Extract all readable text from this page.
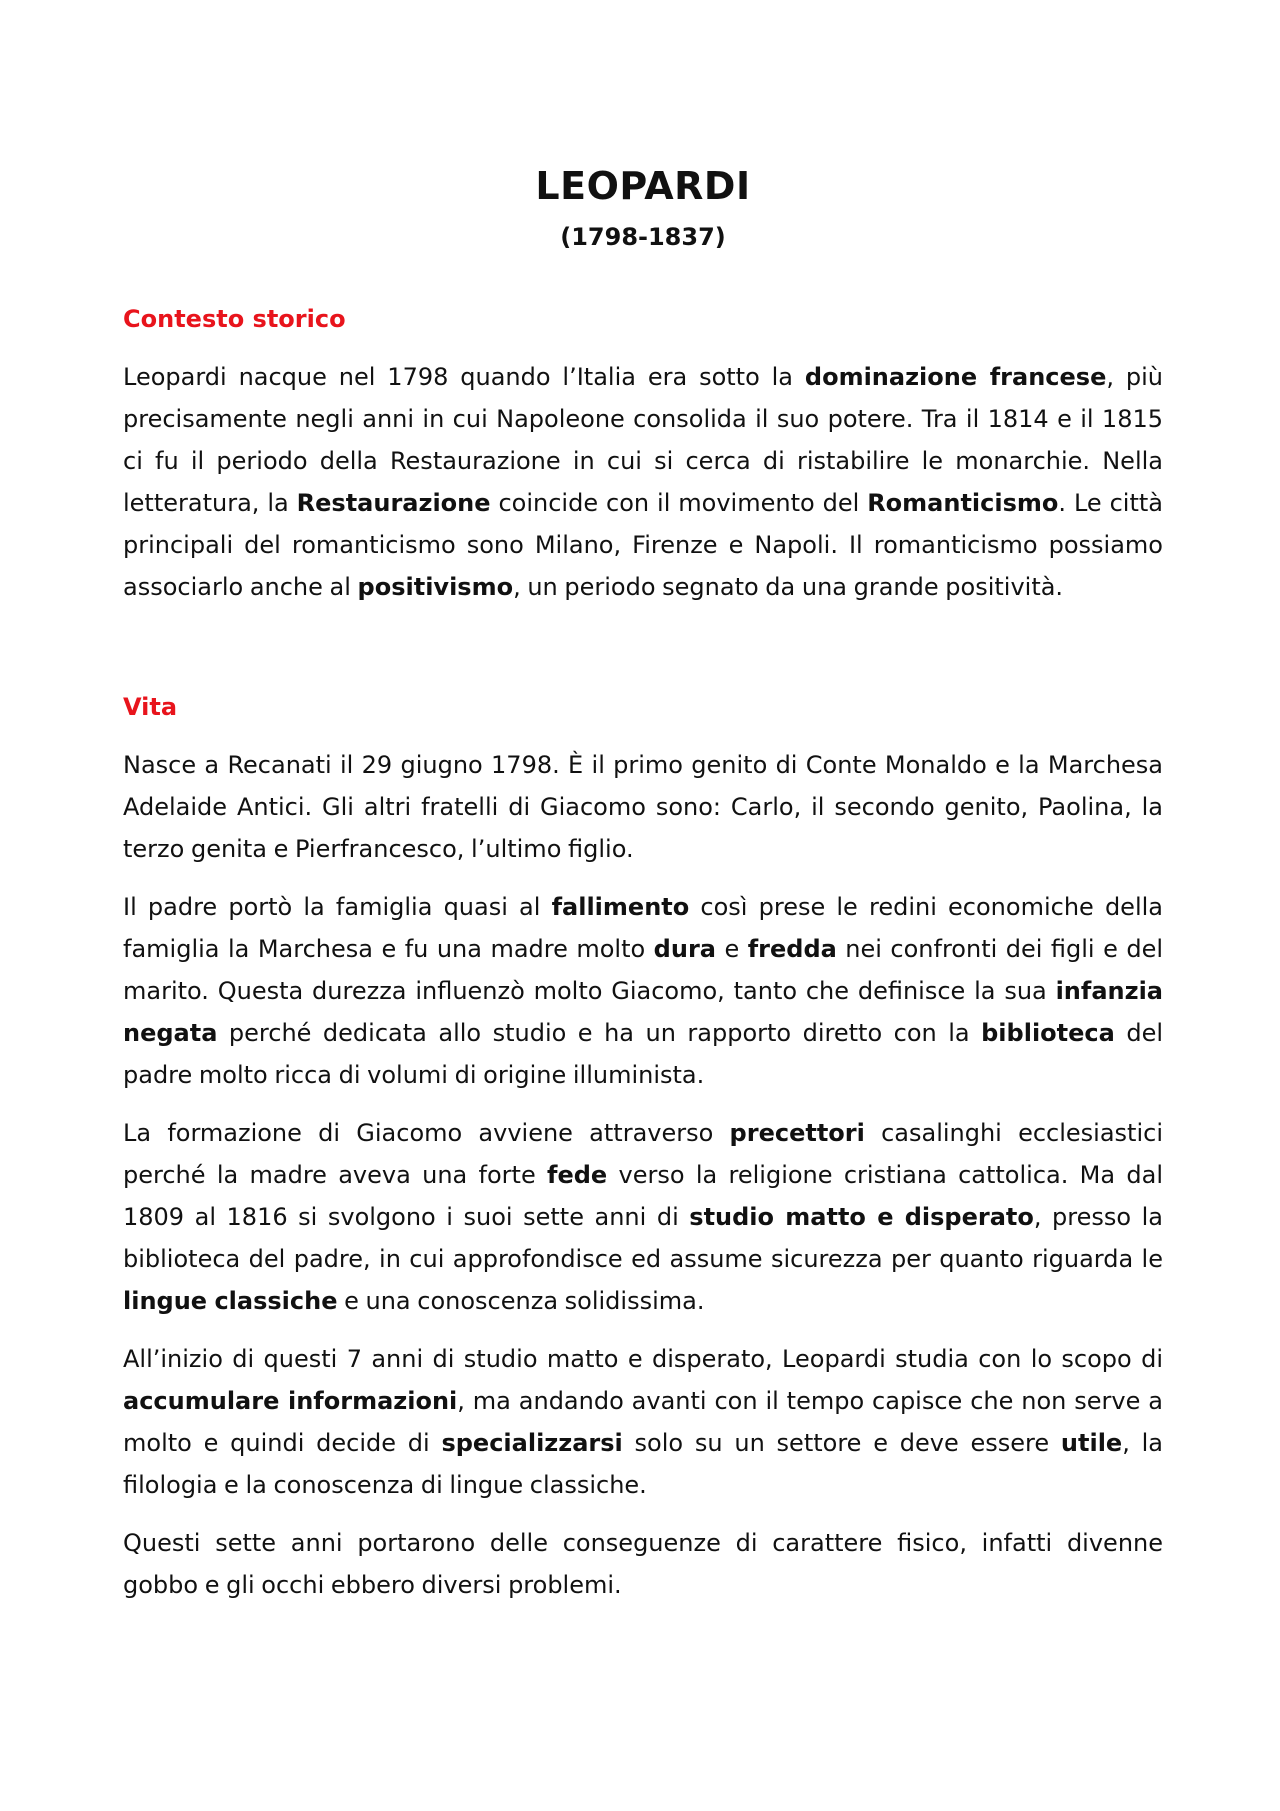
LEOPARDI
(1798-1837)
Contesto storico

Leopardi nacque nel 1798 quando l’Italia era sotto la dominazione francese, più precisamente negli anni in cui Napoleone consolida il suo potere. Tra il 1814 e il 1815 ci fu il periodo della Restaurazione in cui si cerca di ristabilire le monarchie. Nella letteratura, la Restaurazione coincide con il movimento del Romanticismo. Le città principali del romanticismo sono Milano, Firenze e Napoli. Il romanticismo possiamo associarlo anche al positivismo, un periodo segnato da una grande positività.

Vita

Nasce a Recanati il 29 giugno 1798. È il primo genito di Conte Monaldo e la Marchesa Adelaide Antici. Gli altri fratelli di Giacomo sono: Carlo, il secondo genito, Paolina, la terzo genita e Pierfrancesco, l’ultimo figlio.

Il padre portò la famiglia quasi al fallimento così prese le redini economiche della famiglia la Marchesa e fu una madre molto dura e fredda nei confronti dei figli e del marito. Questa durezza influenzò molto Giacomo, tanto che definisce la sua infanzia negata perché dedicata allo studio e ha un rapporto diretto con la biblioteca del padre molto ricca di volumi di origine illuminista.

La formazione di Giacomo avviene attraverso precettori casalinghi ecclesiastici perché la madre aveva una forte fede verso la religione cristiana cattolica. Ma dal 1809 al 1816 si svolgono i suoi sette anni di studio matto e disperato, presso la biblioteca del padre, in cui approfondisce ed assume sicurezza per quanto riguarda le lingue classiche e una conoscenza solidissima.

All’inizio di questi 7 anni di studio matto e disperato, Leopardi studia con lo scopo di accumulare informazioni, ma andando avanti con il tempo capisce che non serve a molto e quindi decide di specializzarsi solo su un settore e deve essere utile, la filologia e la conoscenza di lingue classiche.

Questi sette anni portarono delle conseguenze di carattere fisico, infatti divenne gobbo e gli occhi ebbero diversi problemi.
